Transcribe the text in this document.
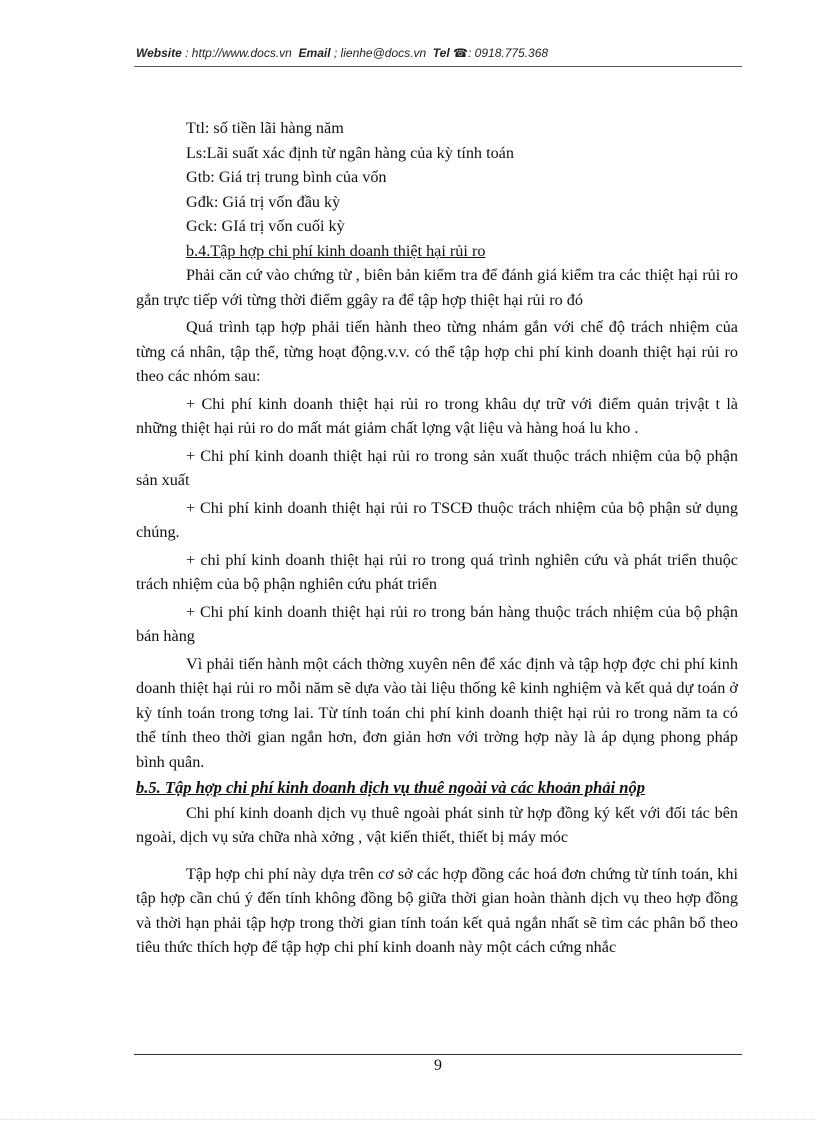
Website : http://www.docs.vn Email ; lienhe@docs.vn Tel ☎: 0918.775.368

Ttl: số tiền lãi hàng năm

Ls:Lãi suất xác định từ ngân hàng của kỳ tính toán

Gtb: Giá trị trung bình của vốn

Gđk: Giá trị vốn đầu kỳ

Gck: GIá trị vốn cuối kỳ

b.4.Tập hợp chi phí kinh doanh thiệt hại rủi ro

Phải căn cứ vào chứng từ , biên bản kiểm tra để đánh giá kiểm tra các thiệt hại rủi ro gắn trực tiếp với từng thời điểm ggây ra để tập hợp thiệt hại rủi ro đó

Quá trình tạp hợp phải tiến hành theo từng nhám gắn với chế độ trách nhiệm của từng cá nhân, tập thể, từng hoạt động.v.v. có thể tập hợp chi phí kinh doanh thiệt hại rủi ro theo các nhóm sau:

+ Chi phí kinh doanh thiệt hại rủi ro trong khâu dự trữ với điểm quản trịvật t là những thiệt hại rủi ro do mất mát giảm chất lợng vật liệu và hàng hoá lu kho .

+ Chi phí kinh doanh thiệt hại rủi ro trong sản xuất thuộc trách nhiệm của bộ phận sản xuất

+ Chi phí kinh doanh thiệt hại rủi ro TSCĐ thuộc trách nhiệm của bộ phận sử dụng chúng.

+ chi phí kinh doanh thiệt hại rủi ro trong quá trình nghiên cứu và phát triển thuộc trách nhiệm của bộ phận nghiên cứu phát triển

+ Chi phí kinh doanh thiệt hại rủi ro trong bán hàng thuộc trách nhiệm của bộ phận bán hàng

Vì phải tiến hành một cách thờng xuyên nên để xác định và tập hợp đợc chi phí kinh doanh thiệt hại rủi ro mỗi năm sẽ dựa vào tài liệu thống kê kinh nghiệm và kết quả dự toán ở kỳ tính toán trong tơng lai. Từ tính toán chi phí kinh doanh thiệt hại rủi ro trong năm ta có thể tính theo thời gian ngắn hơn, đơn giản hơn với trờng hợp này là áp dụng phong pháp bình quân.

b.5. Tập hợp chi phí kinh doanh dịch vụ thuê ngoài và các khoản phải nộp

Chi phí kinh doanh dịch vụ thuê ngoài phát sinh từ hợp đồng ký kết với đối tác bên ngoài, dịch vụ sửa chữa nhà xởng , vật kiến thiết, thiết bị máy móc

Tập hợp chi phí này dựa trên cơ sở các hợp đồng các hoá đơn chứng từ tính toán, khi tập hợp cần chú ý đến tính không đồng bộ giữa thời gian hoàn thành dịch vụ theo hợp đồng và thời hạn phải tập hợp trong thời gian tính toán kết quả ngắn nhất sẽ tìm các phân bổ theo tiêu thức thích hợp để tập hợp chi phí kinh doanh này một cách cứng nhắc

9
